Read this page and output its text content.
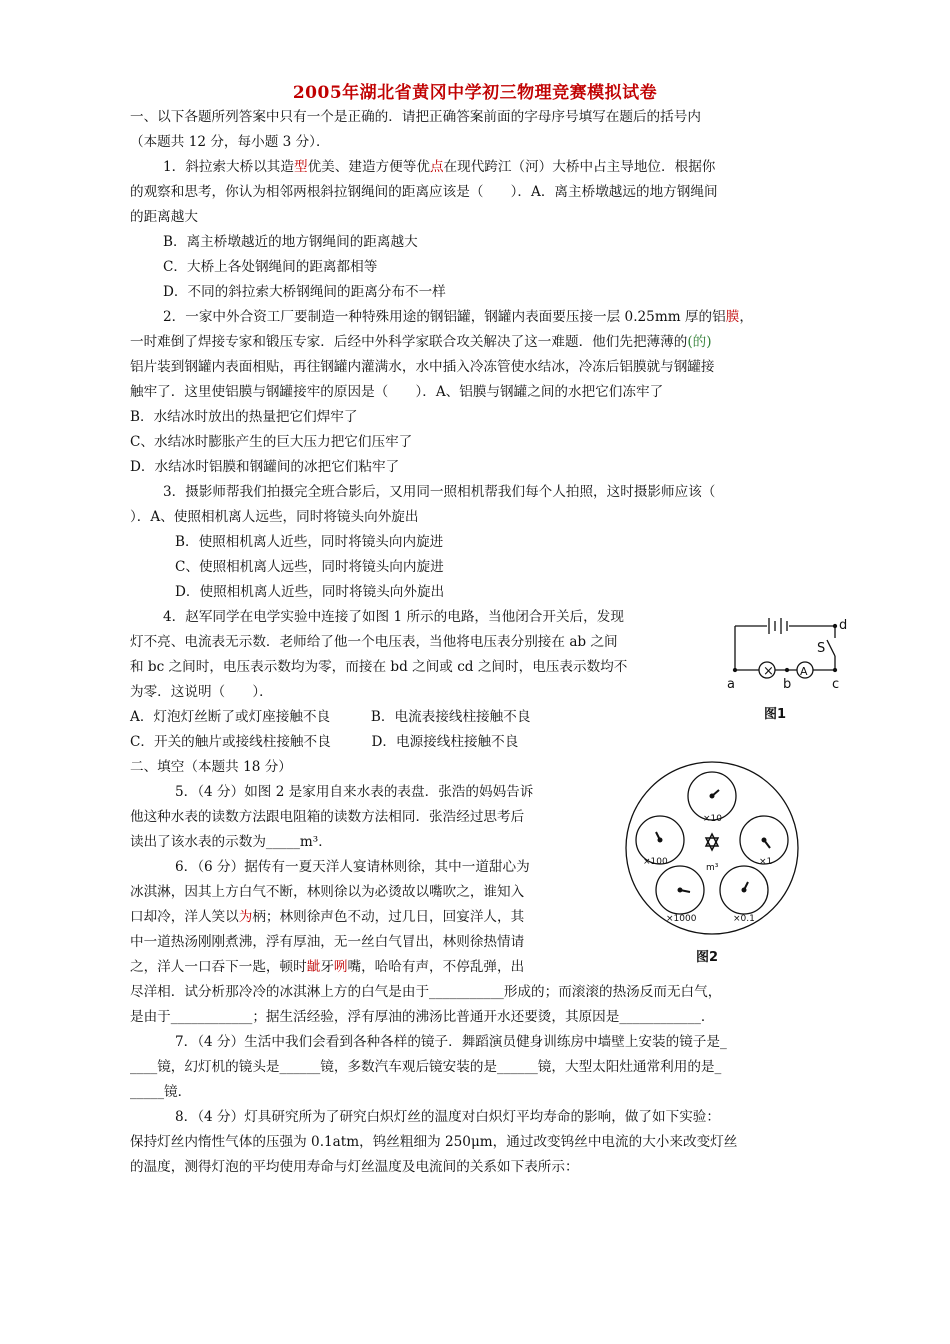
2005年湖北省黄冈中学初三物理竞赛模拟试卷
一、以下各题所列答案中只有一个是正确的．请把正确答案前面的字母序号填写在题后的括号内
（本题共 12 分，每小题 3 分）．
1．斜拉索大桥以其造型优美、建造方便等优点在现代跨江（河）大桥中占主导地位．根据你
的观察和思考，你认为相邻两根斜拉钢绳间的距离应该是（　　）．A．离主桥墩越远的地方钢绳间
的距离越大
B．离主桥墩越近的地方钢绳间的距离越大
C．大桥上各处钢绳间的距离都相等
D．不同的斜拉索大桥钢绳间的距离分布不一样
2．一家中外合资工厂要制造一种特殊用途的钢铝罐，钢罐内表面要压接一层 0.25mm 厚的铝膜，
一时难倒了焊接专家和锻压专家．后经中外科学家联合攻关解决了这一难题．他们先把薄薄的(的)
铝片装到钢罐内表面相贴，再往钢罐内灌满水，水中插入冷冻管使水结冰，冷冻后铝膜就与钢罐接
触牢了．这里使铝膜与钢罐接牢的原因是（　　）．A、铝膜与钢罐之间的水把它们冻牢了
B．水结冰时放出的热量把它们焊牢了
C、水结冰时膨胀产生的巨大压力把它们压牢了
D．水结冰时铝膜和钢罐间的冰把它们粘牢了
3．摄影师帮我们拍摄完全班合影后，又用同一照相机帮我们每个人拍照，这时摄影师应该（
）．A、使照相机离人远些，同时将镜头向外旋出
B．使照相机离人近些，同时将镜头向内旋进
C、使照相机离人远些，同时将镜头向内旋进
D．使照相机离人近些，同时将镜头向外旋出
4．赵军同学在电学实验中连接了如图 1 所示的电路，当他闭合开关后，发现
灯不亮、电流表无示数．老师给了他一个电压表，当他将电压表分别接在 ab 之间
和 bc 之间时，电压表示数均为零，而接在 bd 之间或 cd 之间时，电压表示数均不
为零．这说明（　　）．
A．灯泡灯丝断了或灯座接触不良　　　B．电流表接线柱接触不良
C．开关的触片或接线柱接触不良　　　D．电源接线柱接触不良
× A
a	b	c
d
S
图1
二、填空（本题共 18 分）
5．（4 分）如图 2 是家用自来水表的表盘．张浩的妈妈告诉
他这种水表的读数方法跟电阻箱的读数方法相同．张浩经过思考后
读出了该水表的示数为_____m³．
×10
×100	×1
×1000	×0.1
m³
图2
6．（6 分）据传有一夏天洋人宴请林则徐，其中一道甜心为
冰淇淋，因其上方白气不断，林则徐以为必烫故以嘴吹之，谁知入
口却冷，洋人笑以为柄；林则徐声色不动，过几日，回宴洋人，其
中一道热汤刚刚煮沸，浮有厚油，无一丝白气冒出，林则徐热情请
之，洋人一口吞下一匙，顿时龇牙咧嘴，哈哈有声，不停乱弹，出
尽洋相．试分析那冷冷的冰淇淋上方的白气是由于___________形成的；而滚滚的热汤反而无白气，
是由于____________；据生活经验，浮有厚油的沸汤比普通开水还要烫，其原因是____________．
7．（4 分）生活中我们会看到各种各样的镜子．舞蹈演员健身训练房中墙壁上安装的镜子是_
____镜，幻灯机的镜头是______镜，多数汽车观后镜安装的是______镜，大型太阳灶通常利用的是_
_____镜．
8．（4 分）灯具研究所为了研究白炽灯丝的温度对白炽灯平均寿命的影响，做了如下实验：
保持灯丝内惰性气体的压强为 0.1atm，钨丝粗细为 250μm，通过改变钨丝中电流的大小来改变灯丝
的温度，测得灯泡的平均使用寿命与灯丝温度及电流间的关系如下表所示：
